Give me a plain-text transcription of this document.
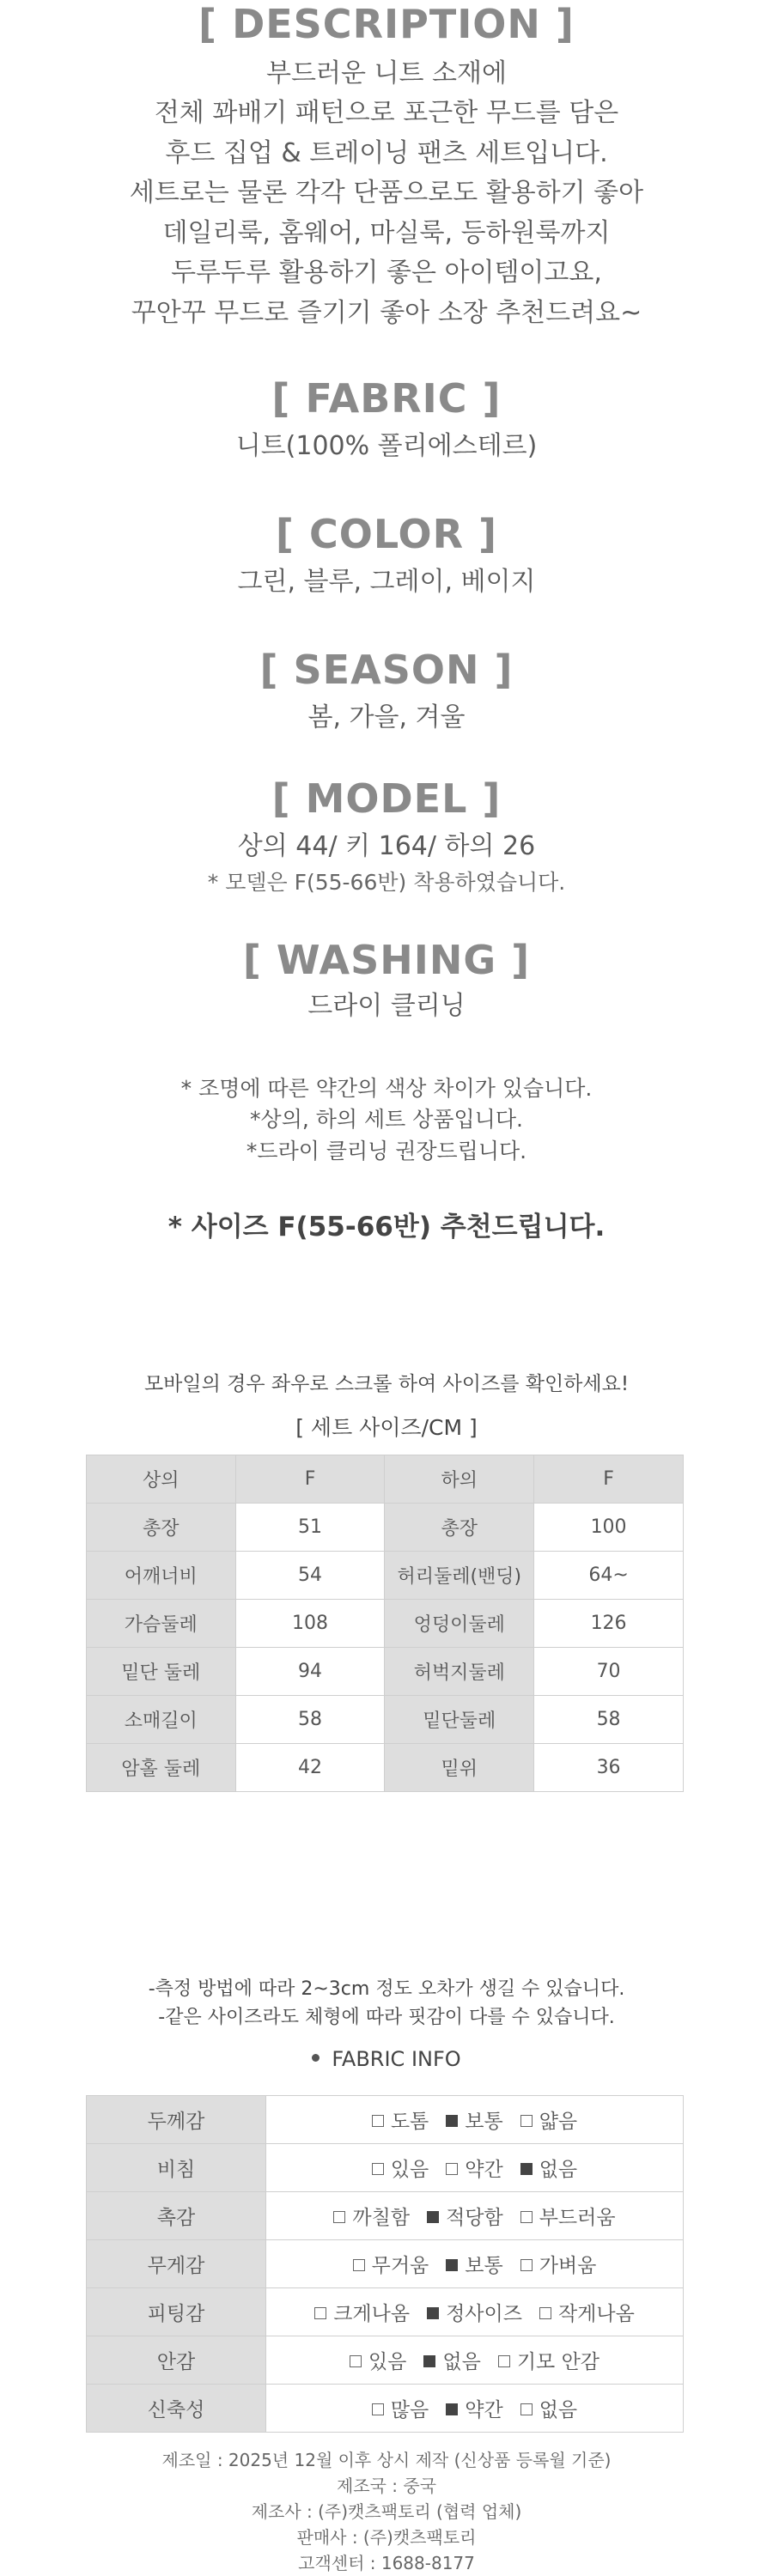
[ DESCRIPTION ]

부드러운 니트 소재에

전체 꽈배기 패턴으로 포근한 무드를 담은

후드 집업 & 트레이닝 팬츠 세트입니다.

세트로는 물론 각각 단품으로도 활용하기 좋아

데일리룩, 홈웨어, 마실룩, 등하원룩까지

두루두루 활용하기 좋은 아이템이고요,

꾸안꾸 무드로 즐기기 좋아 소장 추천드려요~

[ FABRIC ]

니트(100% 폴리에스테르)

[ COLOR ]

그린, 블루, 그레이, 베이지

[ SEASON ]

봄, 가을, 겨울

[ MODEL ]

상의 44/ 키 164/ 하의 26

* 모델은 F(55-66반) 착용하였습니다.

[ WASHING ]

드라이 클리닝

* 조명에 따른 약간의 색상 차이가 있습니다.

*상의, 하의 세트 상품입니다.

*드라이 클리닝 권장드립니다.

* 사이즈 F(55-66반) 추천드립니다.

모바일의 경우 좌우로 스크롤 하여 사이즈를 확인하세요!

[ 세트 사이즈/CM ]

상의	F	하의	F
총장	51	총장	100
어깨너비	54	허리둘레(밴딩)	64~
가슴둘레	108	엉덩이둘레	126
밑단 둘레	94	허벅지둘레	70
소매길이	58	밑단둘레	58
암홀 둘레	42	밑위	36

-측정 방법에 따라 2~3cm 정도 오차가 생길 수 있습니다.

-같은 사이즈라도 체형에 따라 핏감이 다를 수 있습니다.

FABRIC INFO
두께감	도톰 보통 얇음
비침	있음 약간 없음
촉감	까칠함 적당함 부드러움
무게감	무거움 보통 가벼움
피팅감	크게나옴 정사이즈 작게나옴
안감	있음 없음 기모 안감
신축성	많음 약간 없음

제조일 : 2025년 12월 이후 상시 제작 (신상품 등록월 기준)

제조국 : 중국

제조사 : (주)캣츠팩토리 (협력 업체)

판매사 : (주)캣츠팩토리

고객센터 : 1688-8177
